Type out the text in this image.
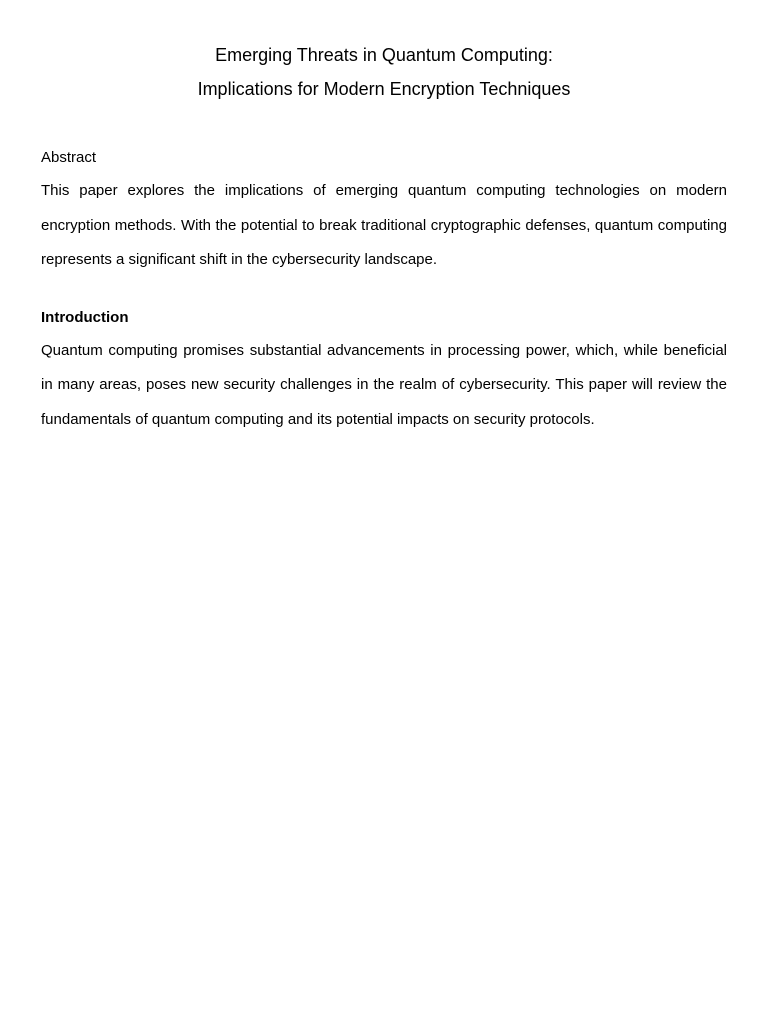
Emerging Threats in Quantum Computing:
Implications for Modern Encryption Techniques
Abstract

This paper explores the implications of emerging quantum computing technologies on modern encryption methods. With the potential to break traditional cryptographic defenses, quantum computing represents a significant shift in the cybersecurity landscape.

Introduction

Quantum computing promises substantial advancements in processing power, which, while beneficial in many areas, poses new security challenges in the realm of cybersecurity. This paper will review the fundamentals of quantum computing and its potential impacts on security protocols.
